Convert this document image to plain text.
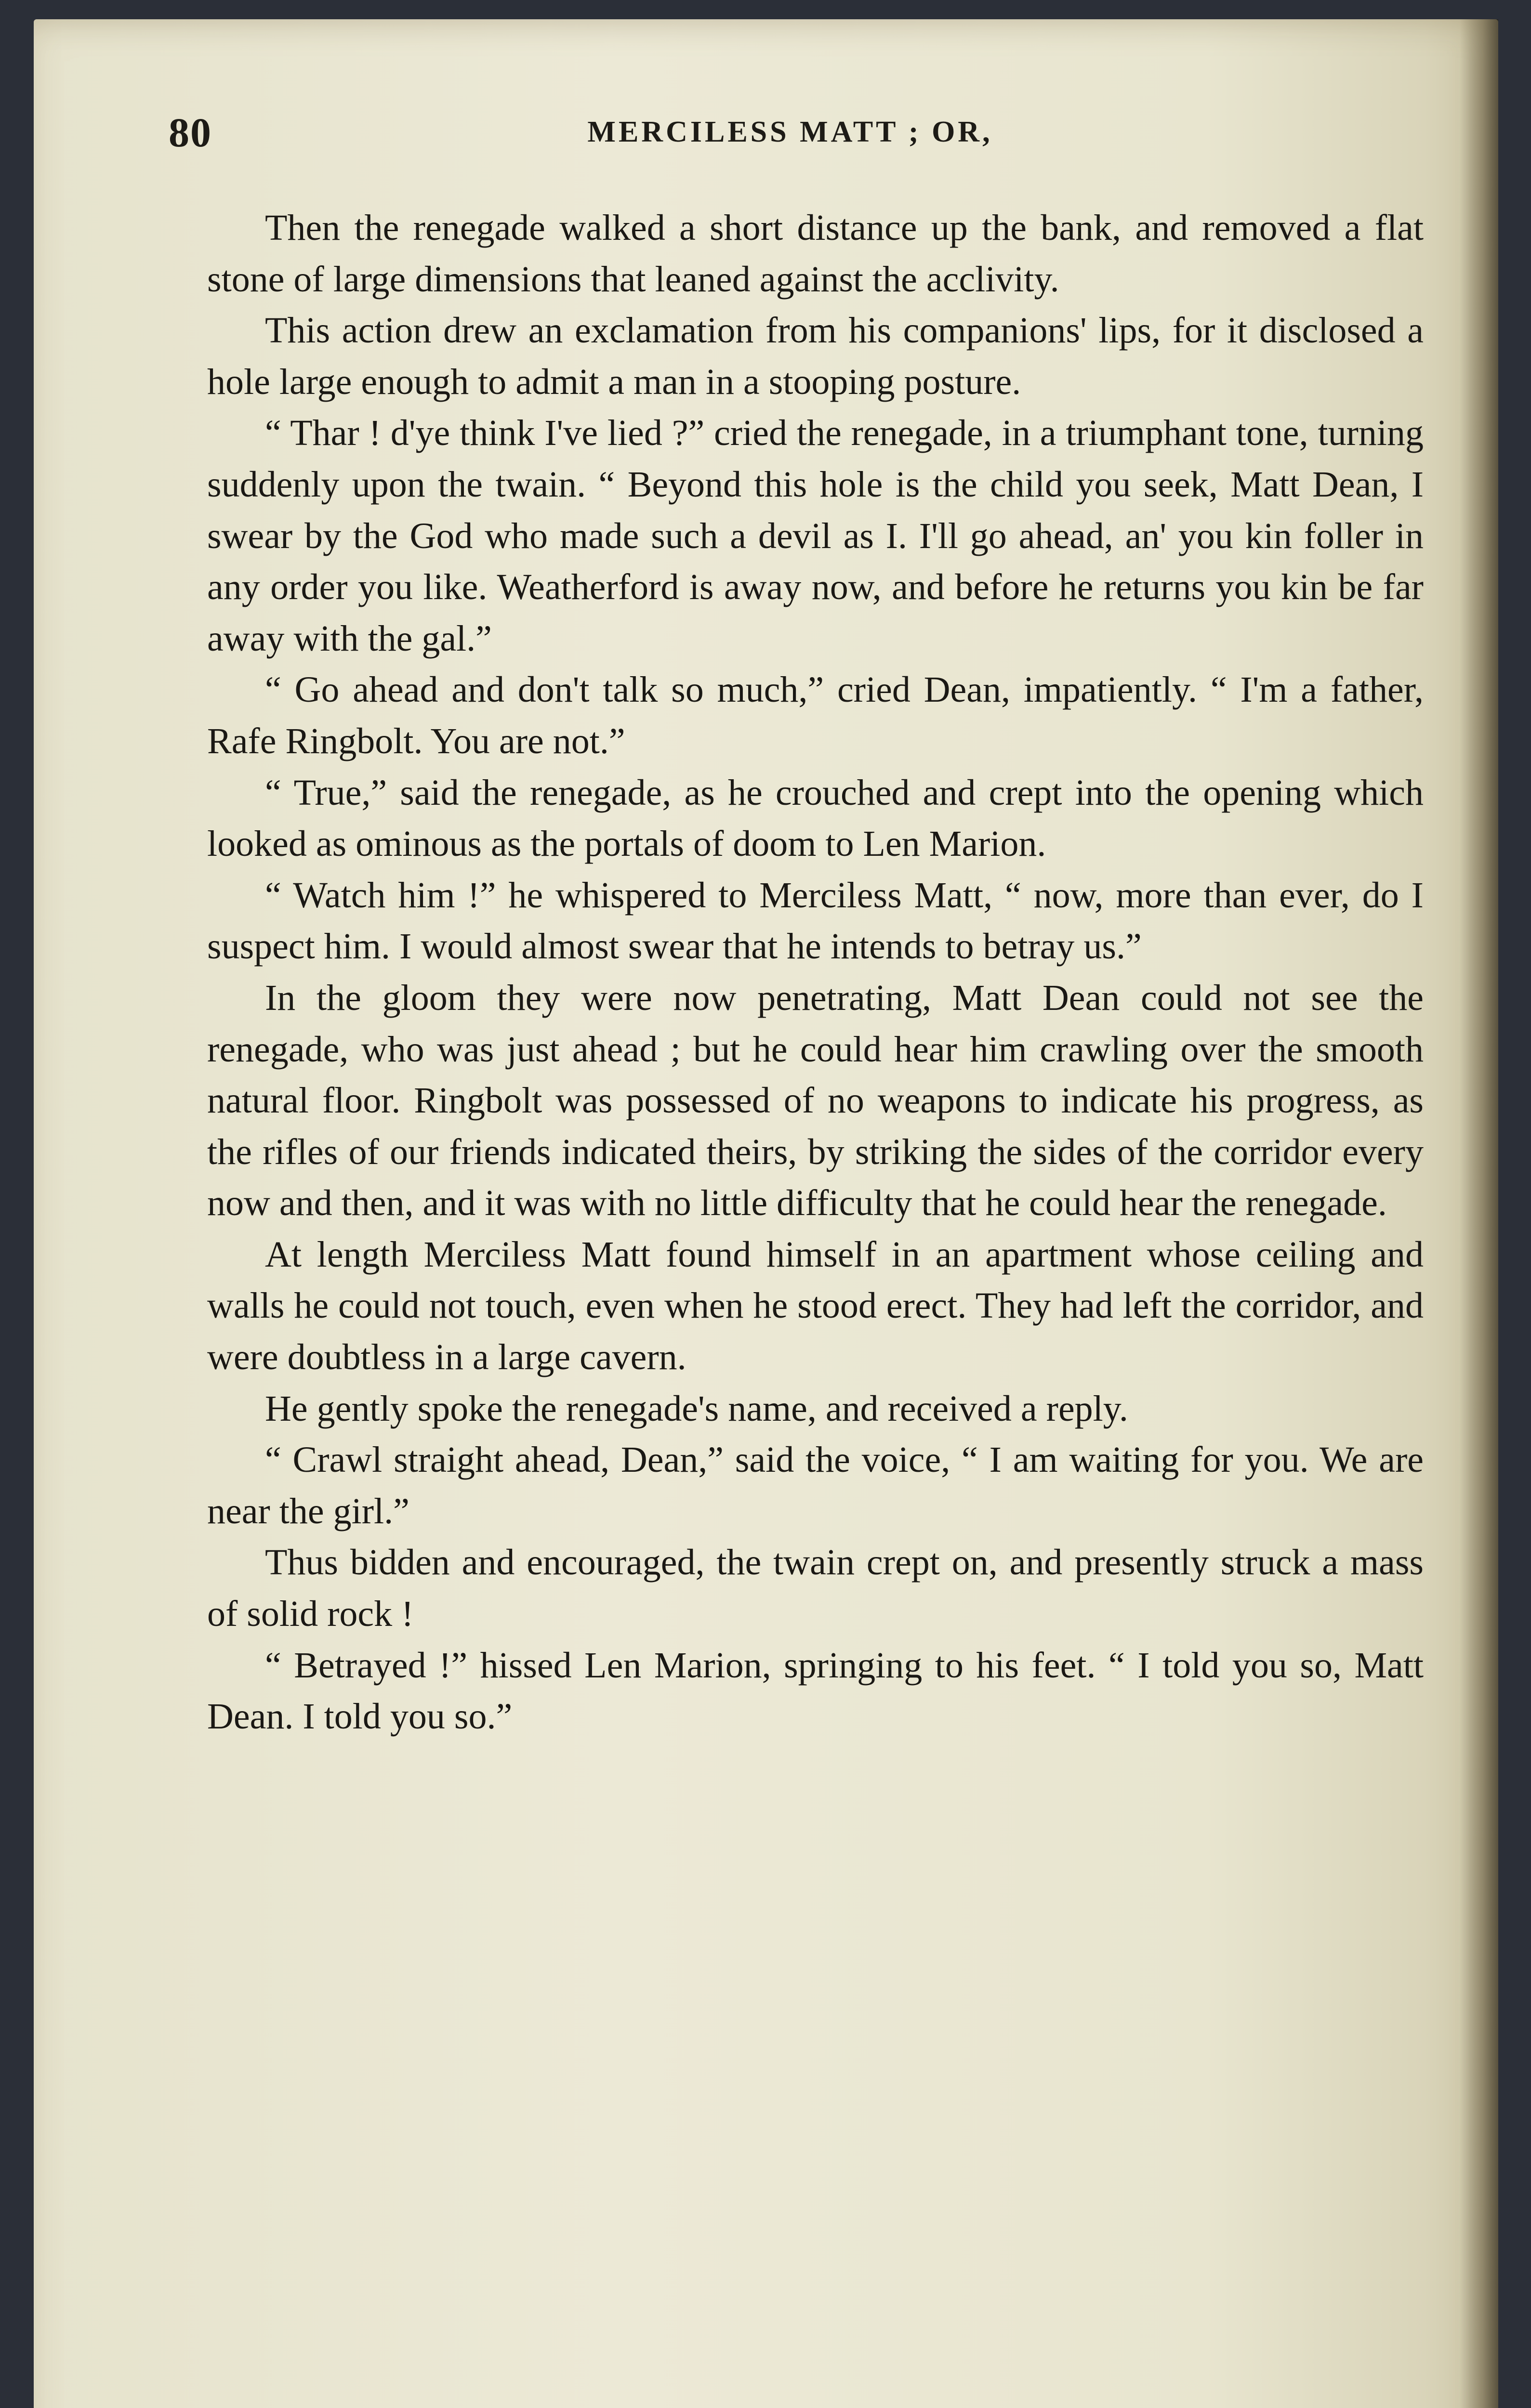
80	MERCILESS MATT ; OR,

Then the renegade walked a short distance up the bank, and removed a flat stone of large dimensions that leaned against the acclivity.

This action drew an exclamation from his companions' lips, for it disclosed a hole large enough to admit a man in a stooping posture.

“ Thar ! d'ye think I've lied ?” cried the renegade, in a triumphant tone, turning suddenly upon the twain. “ Beyond this hole is the child you seek, Matt Dean, I swear by the God who made such a devil as I. I'll go ahead, an' you kin foller in any order you like. Weatherford is away now, and before he returns you kin be far away with the gal.”

“ Go ahead and don't talk so much,” cried Dean, impatiently. “ I'm a father, Rafe Ringbolt. You are not.”

“ True,” said the renegade, as he crouched and crept into the opening which looked as ominous as the portals of doom to Len Marion.

“ Watch him !” he whispered to Merciless Matt, “ now, more than ever, do I suspect him. I would almost swear that he intends to betray us.”

In the gloom they were now penetrating, Matt Dean could not see the renegade, who was just ahead ; but he could hear him crawling over the smooth natural floor. Ringbolt was possessed of no weapons to indicate his progress, as the rifles of our friends indicated theirs, by striking the sides of the corridor every now and then, and it was with no little difficulty that he could hear the renegade.

At length Merciless Matt found himself in an apartment whose ceiling and walls he could not touch, even when he stood erect. They had left the corridor, and were doubtless in a large cavern.

He gently spoke the renegade's name, and received a reply.

“ Crawl straight ahead, Dean,” said the voice, “ I am waiting for you. We are near the girl.”

Thus bidden and encouraged, the twain crept on, and presently struck a mass of solid rock !

“ Betrayed !” hissed Len Marion, springing to his feet. “ I told you so, Matt Dean. I told you so.”
